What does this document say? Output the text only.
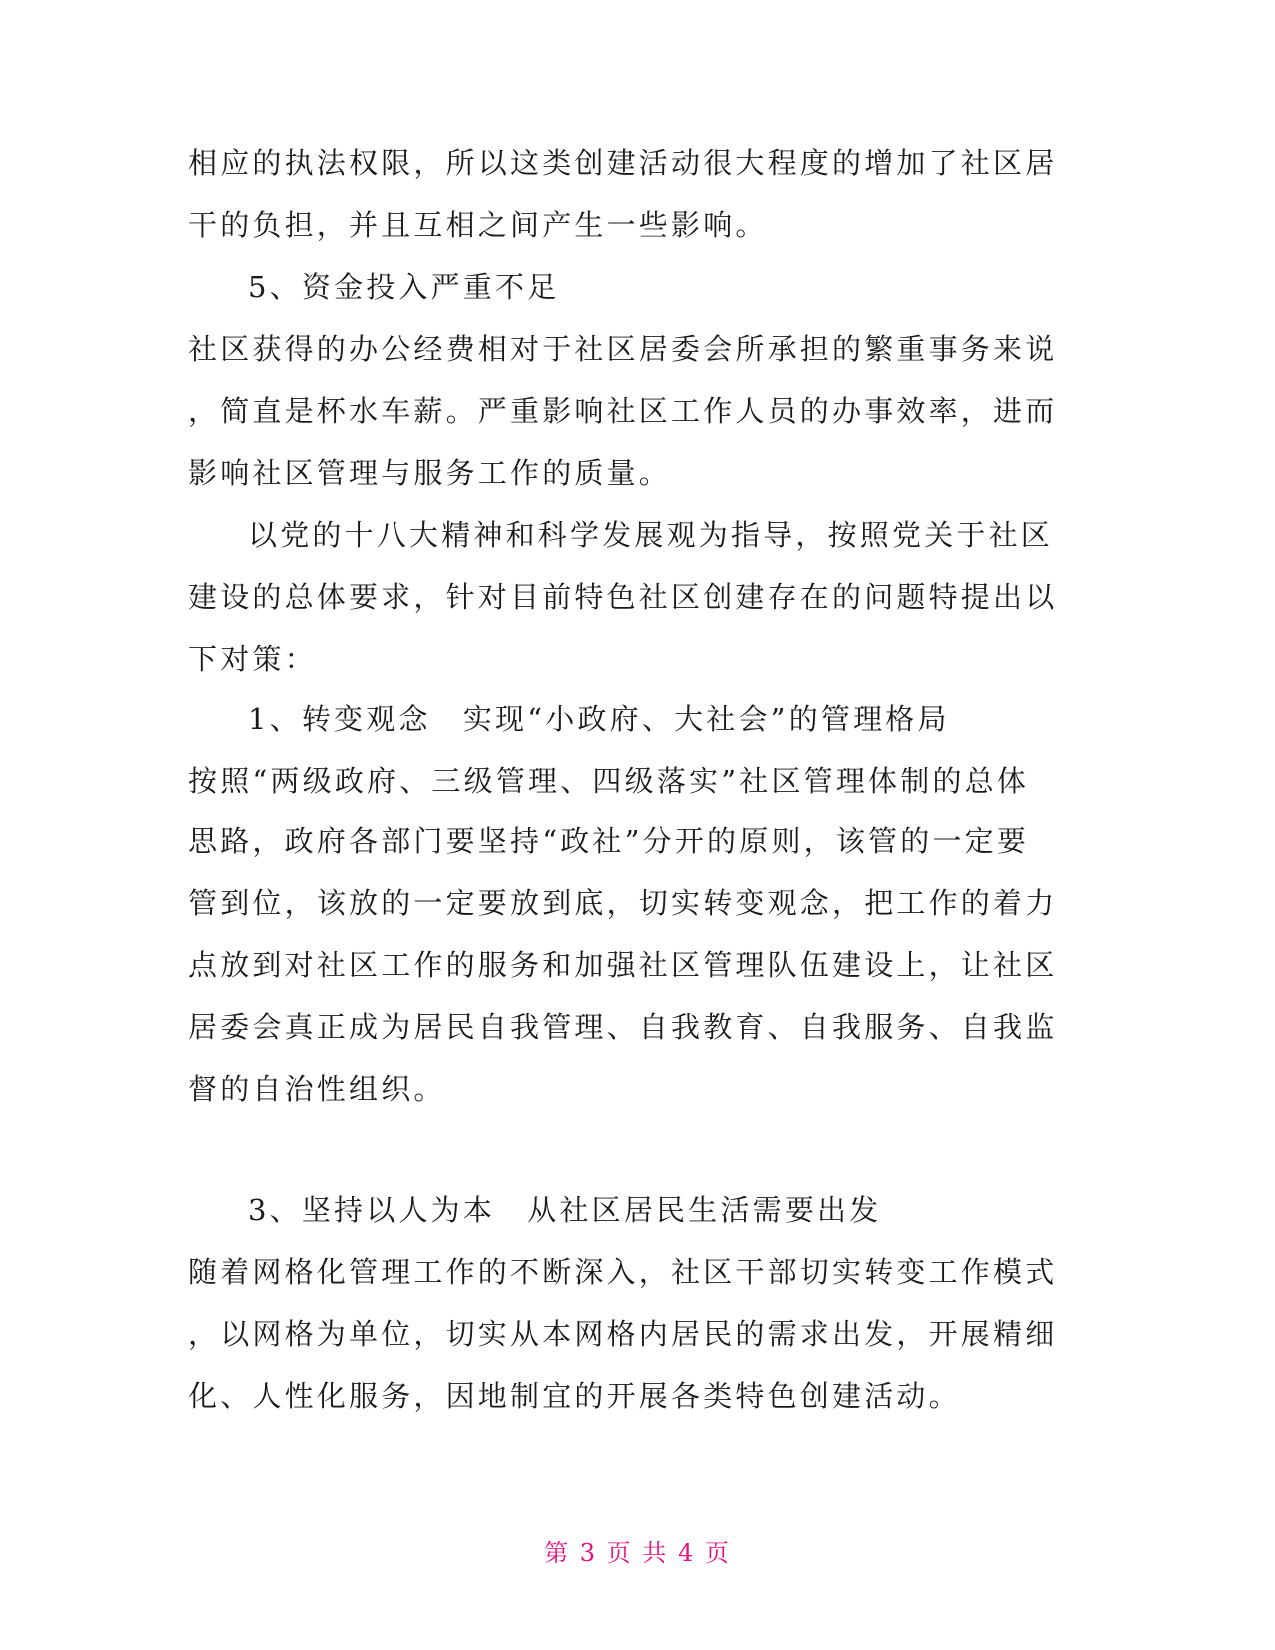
相应的执法权限，所以这类创建活动很大程度的增加了社区居
干的负担，并且互相之间产生一些影响。
5、资金投入严重不足
社区获得的办公经费相对于社区居委会所承担的繁重事务来说
，简直是杯水车薪。严重影响社区工作人员的办事效率，进而
影响社区管理与服务工作的质量。
以党的十八大精神和科学发展观为指导，按照党关于社区
建设的总体要求，针对目前特色社区创建存在的问题特提出以
下对策：
1、转变观念　实现“小政府、大社会”的管理格局
按照“两级政府、三级管理、四级落实”社区管理体制的总体
思路，政府各部门要坚持“政社”分开的原则，该管的一定要
管到位，该放的一定要放到底，切实转变观念，把工作的着力
点放到对社区工作的服务和加强社区管理队伍建设上，让社区
居委会真正成为居民自我管理、自我教育、自我服务、自我监
督的自治性组织。
3、坚持以人为本　从社区居民生活需要出发
随着网格化管理工作的不断深入，社区干部切实转变工作模式
，以网格为单位，切实从本网格内居民的需求出发，开展精细
化、人性化服务，因地制宜的开展各类特色创建活动。
第 3 页 共 4 页
